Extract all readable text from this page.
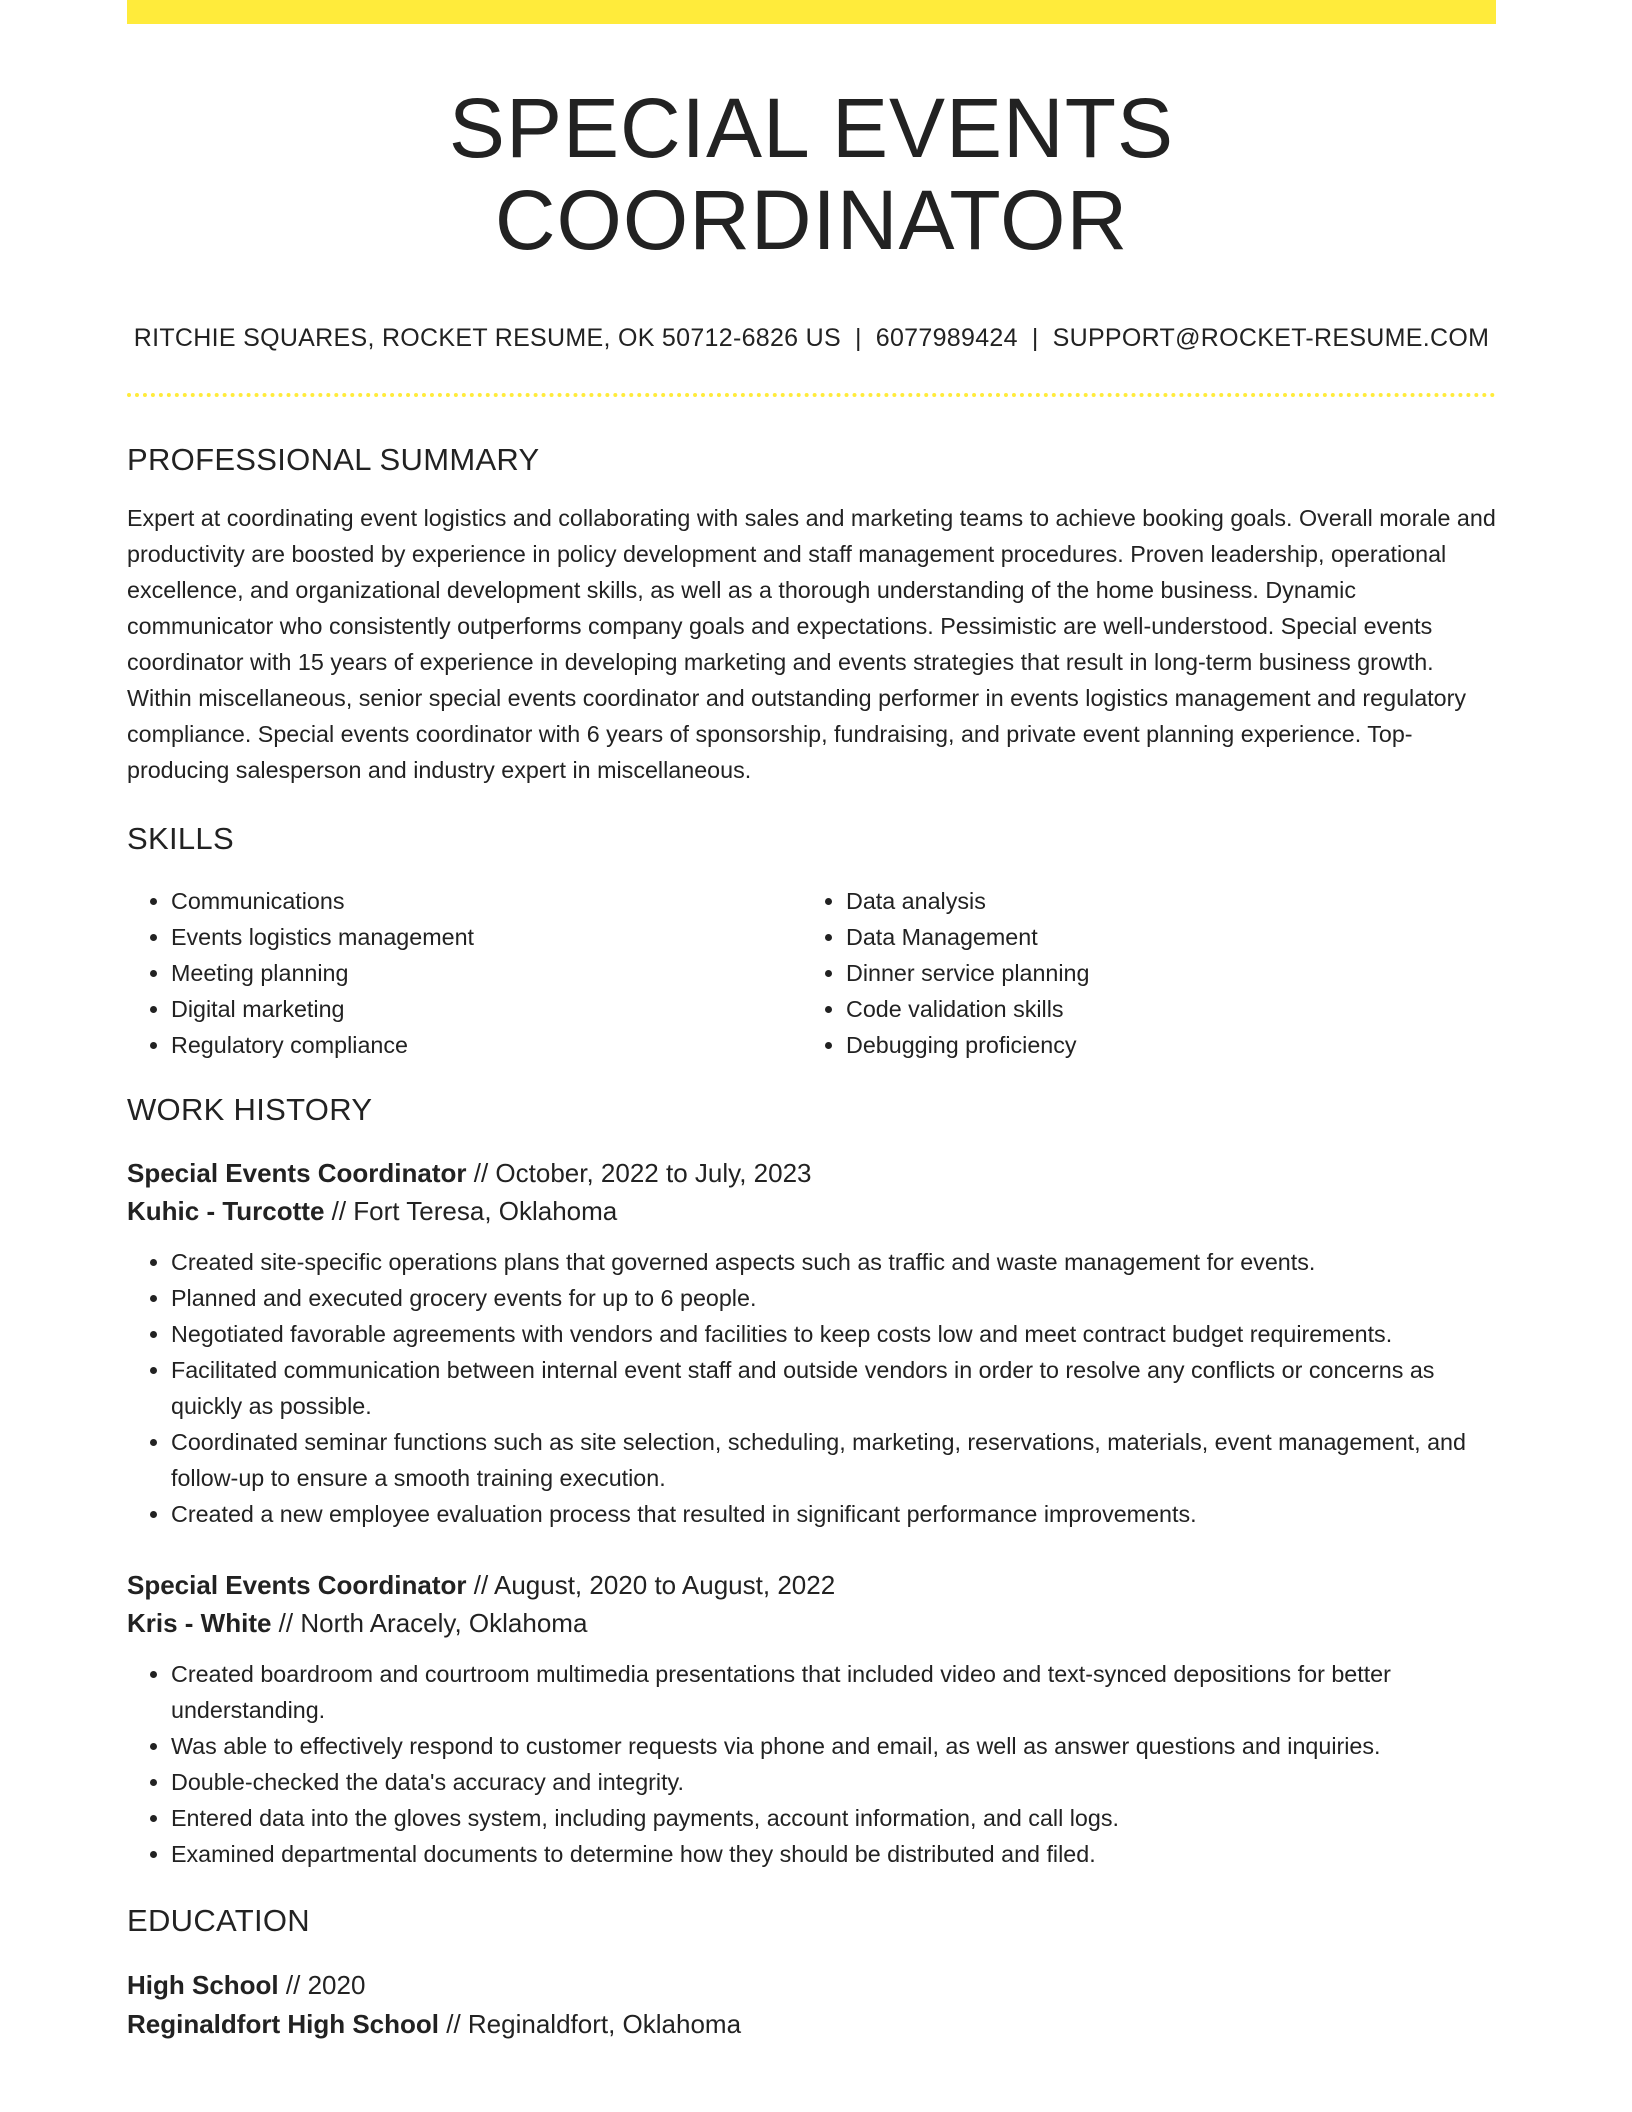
SPECIAL EVENTS COORDINATOR
RITCHIE SQUARES, ROCKET RESUME, OK 50712-6826 US | 6077989424 | SUPPORT@ROCKET-RESUME.COM
PROFESSIONAL SUMMARY

Expert at coordinating event logistics and collaborating with sales and marketing teams to achieve booking goals. Overall morale and productivity are boosted by experience in policy development and staff management procedures. Proven leadership, operational excellence, and organizational development skills, as well as a thorough understanding of the home business. Dynamic communicator who consistently outperforms company goals and expectations. Pessimistic are well-understood. Special events coordinator with 15 years of experience in developing marketing and events strategies that result in long-term business growth. Within miscellaneous, senior special events coordinator and outstanding performer in events logistics management and regulatory compliance. Special events coordinator with 6 years of sponsorship, fundraising, and private event planning experience. Top-producing salesperson and industry expert in miscellaneous.

SKILLS
• Communications
• Events logistics management
• Meeting planning
• Digital marketing
• Regulatory compliance
• Data analysis
• Data Management
• Dinner service planning
• Code validation skills
• Debugging proficiency
WORK HISTORY
Special Events Coordinator // October, 2022 to July, 2023
Kuhic - Turcotte // Fort Teresa, Oklahoma
• Created site-specific operations plans that governed aspects such as traffic and waste management for events.
• Planned and executed grocery events for up to 6 people.
• Negotiated favorable agreements with vendors and facilities to keep costs low and meet contract budget requirements.
• Facilitated communication between internal event staff and outside vendors in order to resolve any conflicts or concerns as quickly as possible.
• Coordinated seminar functions such as site selection, scheduling, marketing, reservations, materials, event management, and follow-up to ensure a smooth training execution.
• Created a new employee evaluation process that resulted in significant performance improvements.
Special Events Coordinator // August, 2020 to August, 2022
Kris - White // North Aracely, Oklahoma
• Created boardroom and courtroom multimedia presentations that included video and text-synced depositions for better understanding.
• Was able to effectively respond to customer requests via phone and email, as well as answer questions and inquiries.
• Double-checked the data's accuracy and integrity.
• Entered data into the gloves system, including payments, account information, and call logs.
• Examined departmental documents to determine how they should be distributed and filed.
EDUCATION
High School // 2020
Reginaldfort High School // Reginaldfort, Oklahoma
